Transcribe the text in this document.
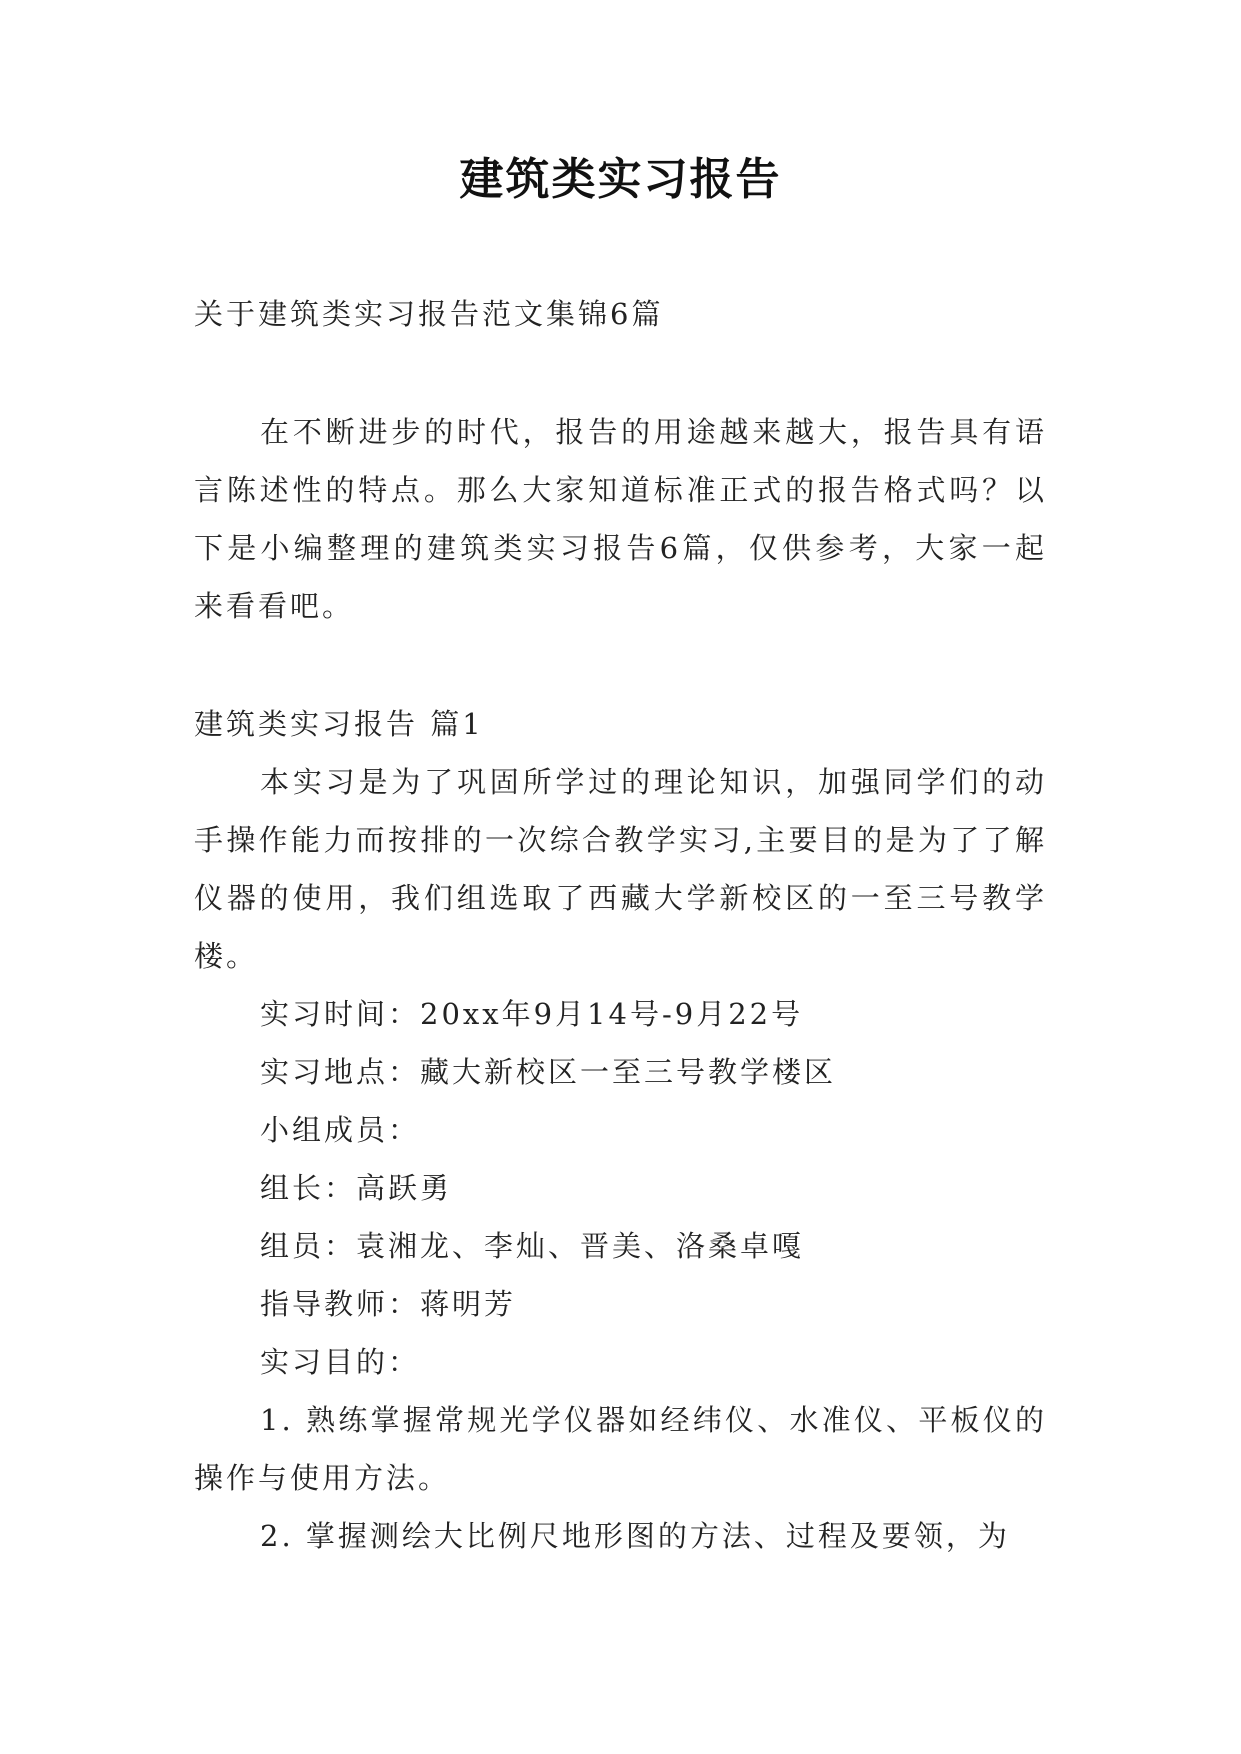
建筑类实习报告

关于建筑类实习报告范文集锦6篇

在不断进步的时代，报告的用途越来越大，报告具有语言陈述性的特点。那么大家知道标准正式的报告格式吗？以下是小编整理的建筑类实习报告6篇，仅供参考，大家一起来看看吧。

建筑类实习报告 篇1

本实习是为了巩固所学过的理论知识，加强同学们的动手操作能力而按排的一次综合教学实习,主要目的是为了了解仪器的使用，我们组选取了西藏大学新校区的一至三号教学楼。

实习时间：20xx年9月14号-9月22号

实习地点：藏大新校区一至三号教学楼区

小组成员：

组长：高跃勇

组员：袁湘龙、李灿、晋美、洛桑卓嘎

指导教师：蒋明芳

实习目的：

1. 熟练掌握常规光学仪器如经纬仪、水准仪、平板仪的操作与使用方法。

2. 掌握测绘大比例尺地形图的方法、过程及要领，为
